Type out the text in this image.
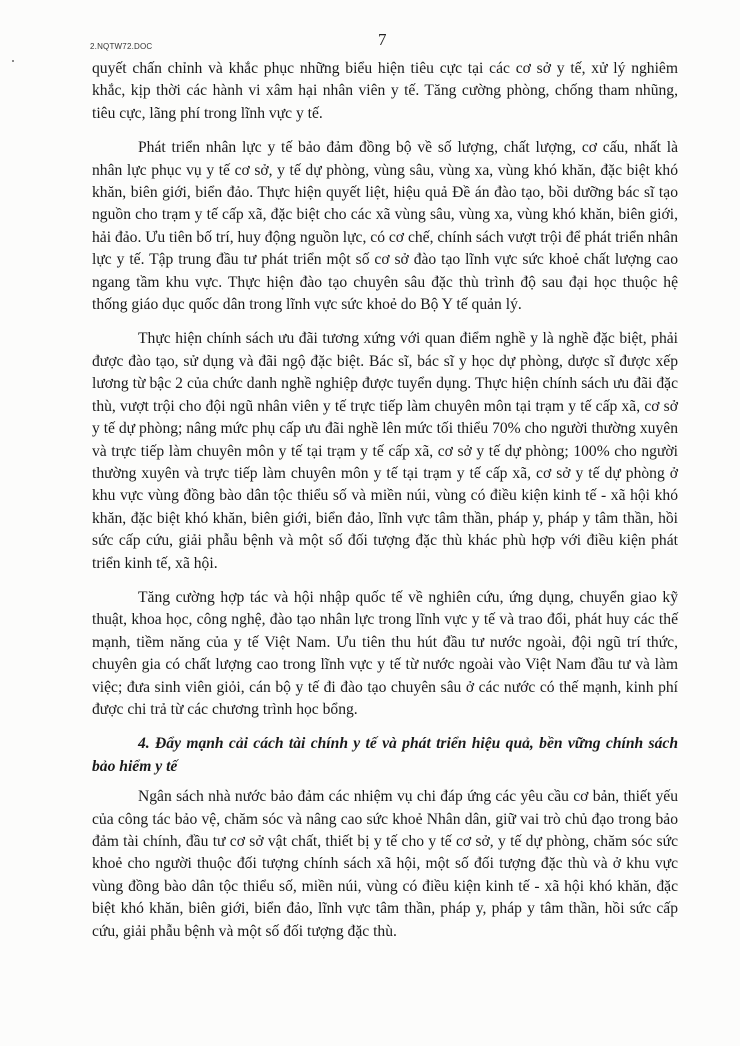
2.NQTW72.DOC	7

quyết chấn chỉnh và khắc phục những biểu hiện tiêu cực tại các cơ sở y tế, xử lý nghiêm khắc, kịp thời các hành vi xâm hại nhân viên y tế. Tăng cường phòng, chống tham nhũng, tiêu cực, lãng phí trong lĩnh vực y tế.

Phát triển nhân lực y tế bảo đảm đồng bộ về số lượng, chất lượng, cơ cấu, nhất là nhân lực phục vụ y tế cơ sở, y tế dự phòng, vùng sâu, vùng xa, vùng khó khăn, đặc biệt khó khăn, biên giới, biển đảo. Thực hiện quyết liệt, hiệu quả Đề án đào tạo, bồi dưỡng bác sĩ tạo nguồn cho trạm y tế cấp xã, đặc biệt cho các xã vùng sâu, vùng xa, vùng khó khăn, biên giới, hải đảo. Ưu tiên bố trí, huy động nguồn lực, có cơ chế, chính sách vượt trội để phát triển nhân lực y tế. Tập trung đầu tư phát triển một số cơ sở đào tạo lĩnh vực sức khoẻ chất lượng cao ngang tầm khu vực. Thực hiện đào tạo chuyên sâu đặc thù trình độ sau đại học thuộc hệ thống giáo dục quốc dân trong lĩnh vực sức khoẻ do Bộ Y tế quản lý.

Thực hiện chính sách ưu đãi tương xứng với quan điểm nghề y là nghề đặc biệt, phải được đào tạo, sử dụng và đãi ngộ đặc biệt. Bác sĩ, bác sĩ y học dự phòng, dược sĩ được xếp lương từ bậc 2 của chức danh nghề nghiệp được tuyển dụng. Thực hiện chính sách ưu đãi đặc thù, vượt trội cho đội ngũ nhân viên y tế trực tiếp làm chuyên môn tại trạm y tế cấp xã, cơ sở y tế dự phòng; nâng mức phụ cấp ưu đãi nghề lên mức tối thiểu 70% cho người thường xuyên và trực tiếp làm chuyên môn y tế tại trạm y tế cấp xã, cơ sở y tế dự phòng; 100% cho người thường xuyên và trực tiếp làm chuyên môn y tế tại trạm y tế cấp xã, cơ sở y tế dự phòng ở khu vực vùng đồng bào dân tộc thiểu số và miền núi, vùng có điều kiện kinh tế - xã hội khó khăn, đặc biệt khó khăn, biên giới, biển đảo, lĩnh vực tâm thần, pháp y, pháp y tâm thần, hồi sức cấp cứu, giải phẫu bệnh và một số đối tượng đặc thù khác phù hợp với điều kiện phát triển kinh tế, xã hội.

Tăng cường hợp tác và hội nhập quốc tế về nghiên cứu, ứng dụng, chuyển giao kỹ thuật, khoa học, công nghệ, đào tạo nhân lực trong lĩnh vực y tế và trao đổi, phát huy các thế mạnh, tiềm năng của y tế Việt Nam. Ưu tiên thu hút đầu tư nước ngoài, đội ngũ trí thức, chuyên gia có chất lượng cao trong lĩnh vực y tế từ nước ngoài vào Việt Nam đầu tư và làm việc; đưa sinh viên giỏi, cán bộ y tế đi đào tạo chuyên sâu ở các nước có thế mạnh, kinh phí được chi trả từ các chương trình học bổng.

4. Đẩy mạnh cải cách tài chính y tế và phát triển hiệu quả, bền vững chính sách bảo hiểm y tế

Ngân sách nhà nước bảo đảm các nhiệm vụ chi đáp ứng các yêu cầu cơ bản, thiết yếu của công tác bảo vệ, chăm sóc và nâng cao sức khoẻ Nhân dân, giữ vai trò chủ đạo trong bảo đảm tài chính, đầu tư cơ sở vật chất, thiết bị y tế cho y tế cơ sở, y tế dự phòng, chăm sóc sức khoẻ cho người thuộc đối tượng chính sách xã hội, một số đối tượng đặc thù và ở khu vực vùng đồng bào dân tộc thiểu số, miền núi, vùng có điều kiện kinh tế - xã hội khó khăn, đặc biệt khó khăn, biên giới, biển đảo, lĩnh vực tâm thần, pháp y, pháp y tâm thần, hồi sức cấp cứu, giải phẫu bệnh và một số đối tượng đặc thù.
